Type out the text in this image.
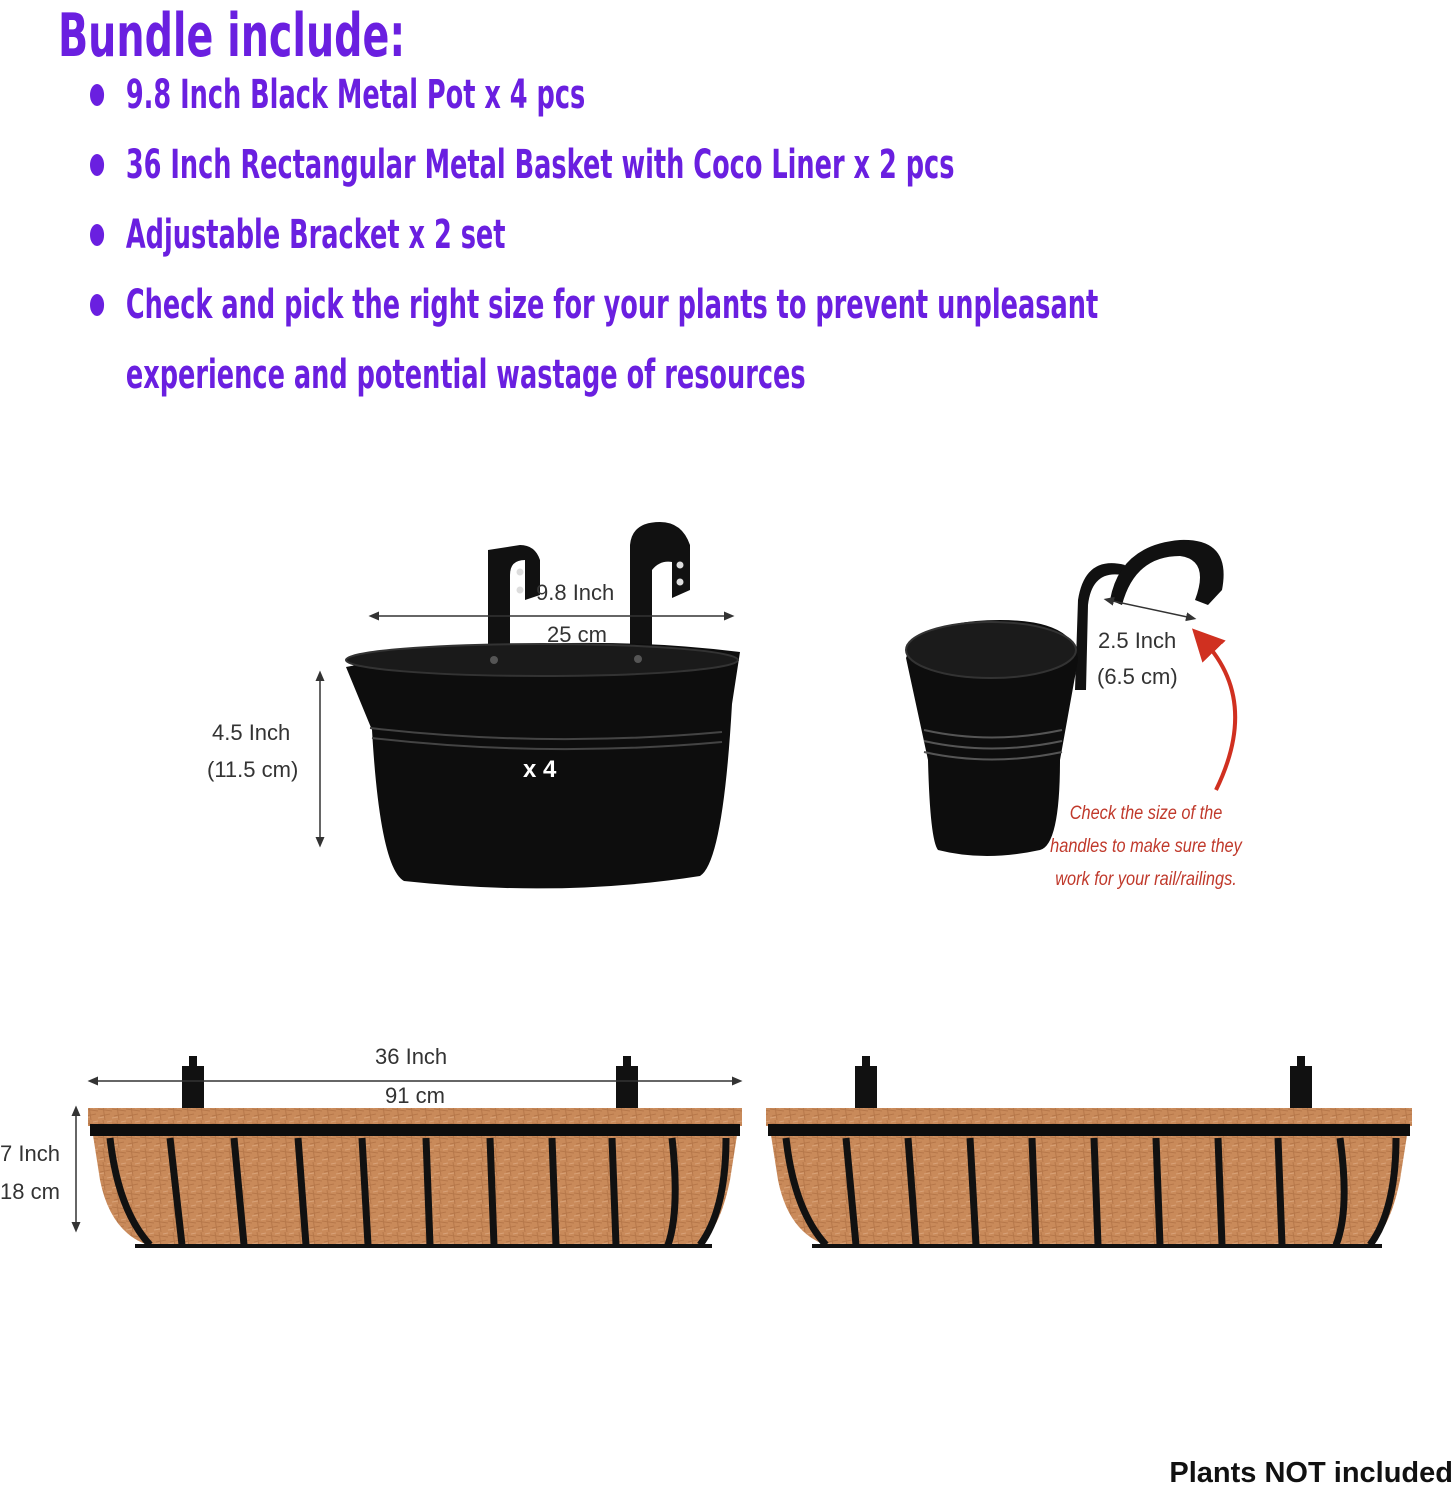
Bundle include:
9.8 Inch Black Metal Pot x 4 pcs
36 Inch Rectangular Metal Basket with Coco Liner x 2 pcs
Adjustable Bracket x 2 set
Check and pick the right size for your plants to prevent unpleasant
experience and potential wastage of resources
9.8 Inch
25 cm
4.5 Inch
(11.5 cm)	x 4
2.5 Inch
(6.5 cm)
Check the size of the
handles to make sure they
work for your rail/railings.
36 Inch
91 cm
7 Inch
18 cm
Plants NOT included
